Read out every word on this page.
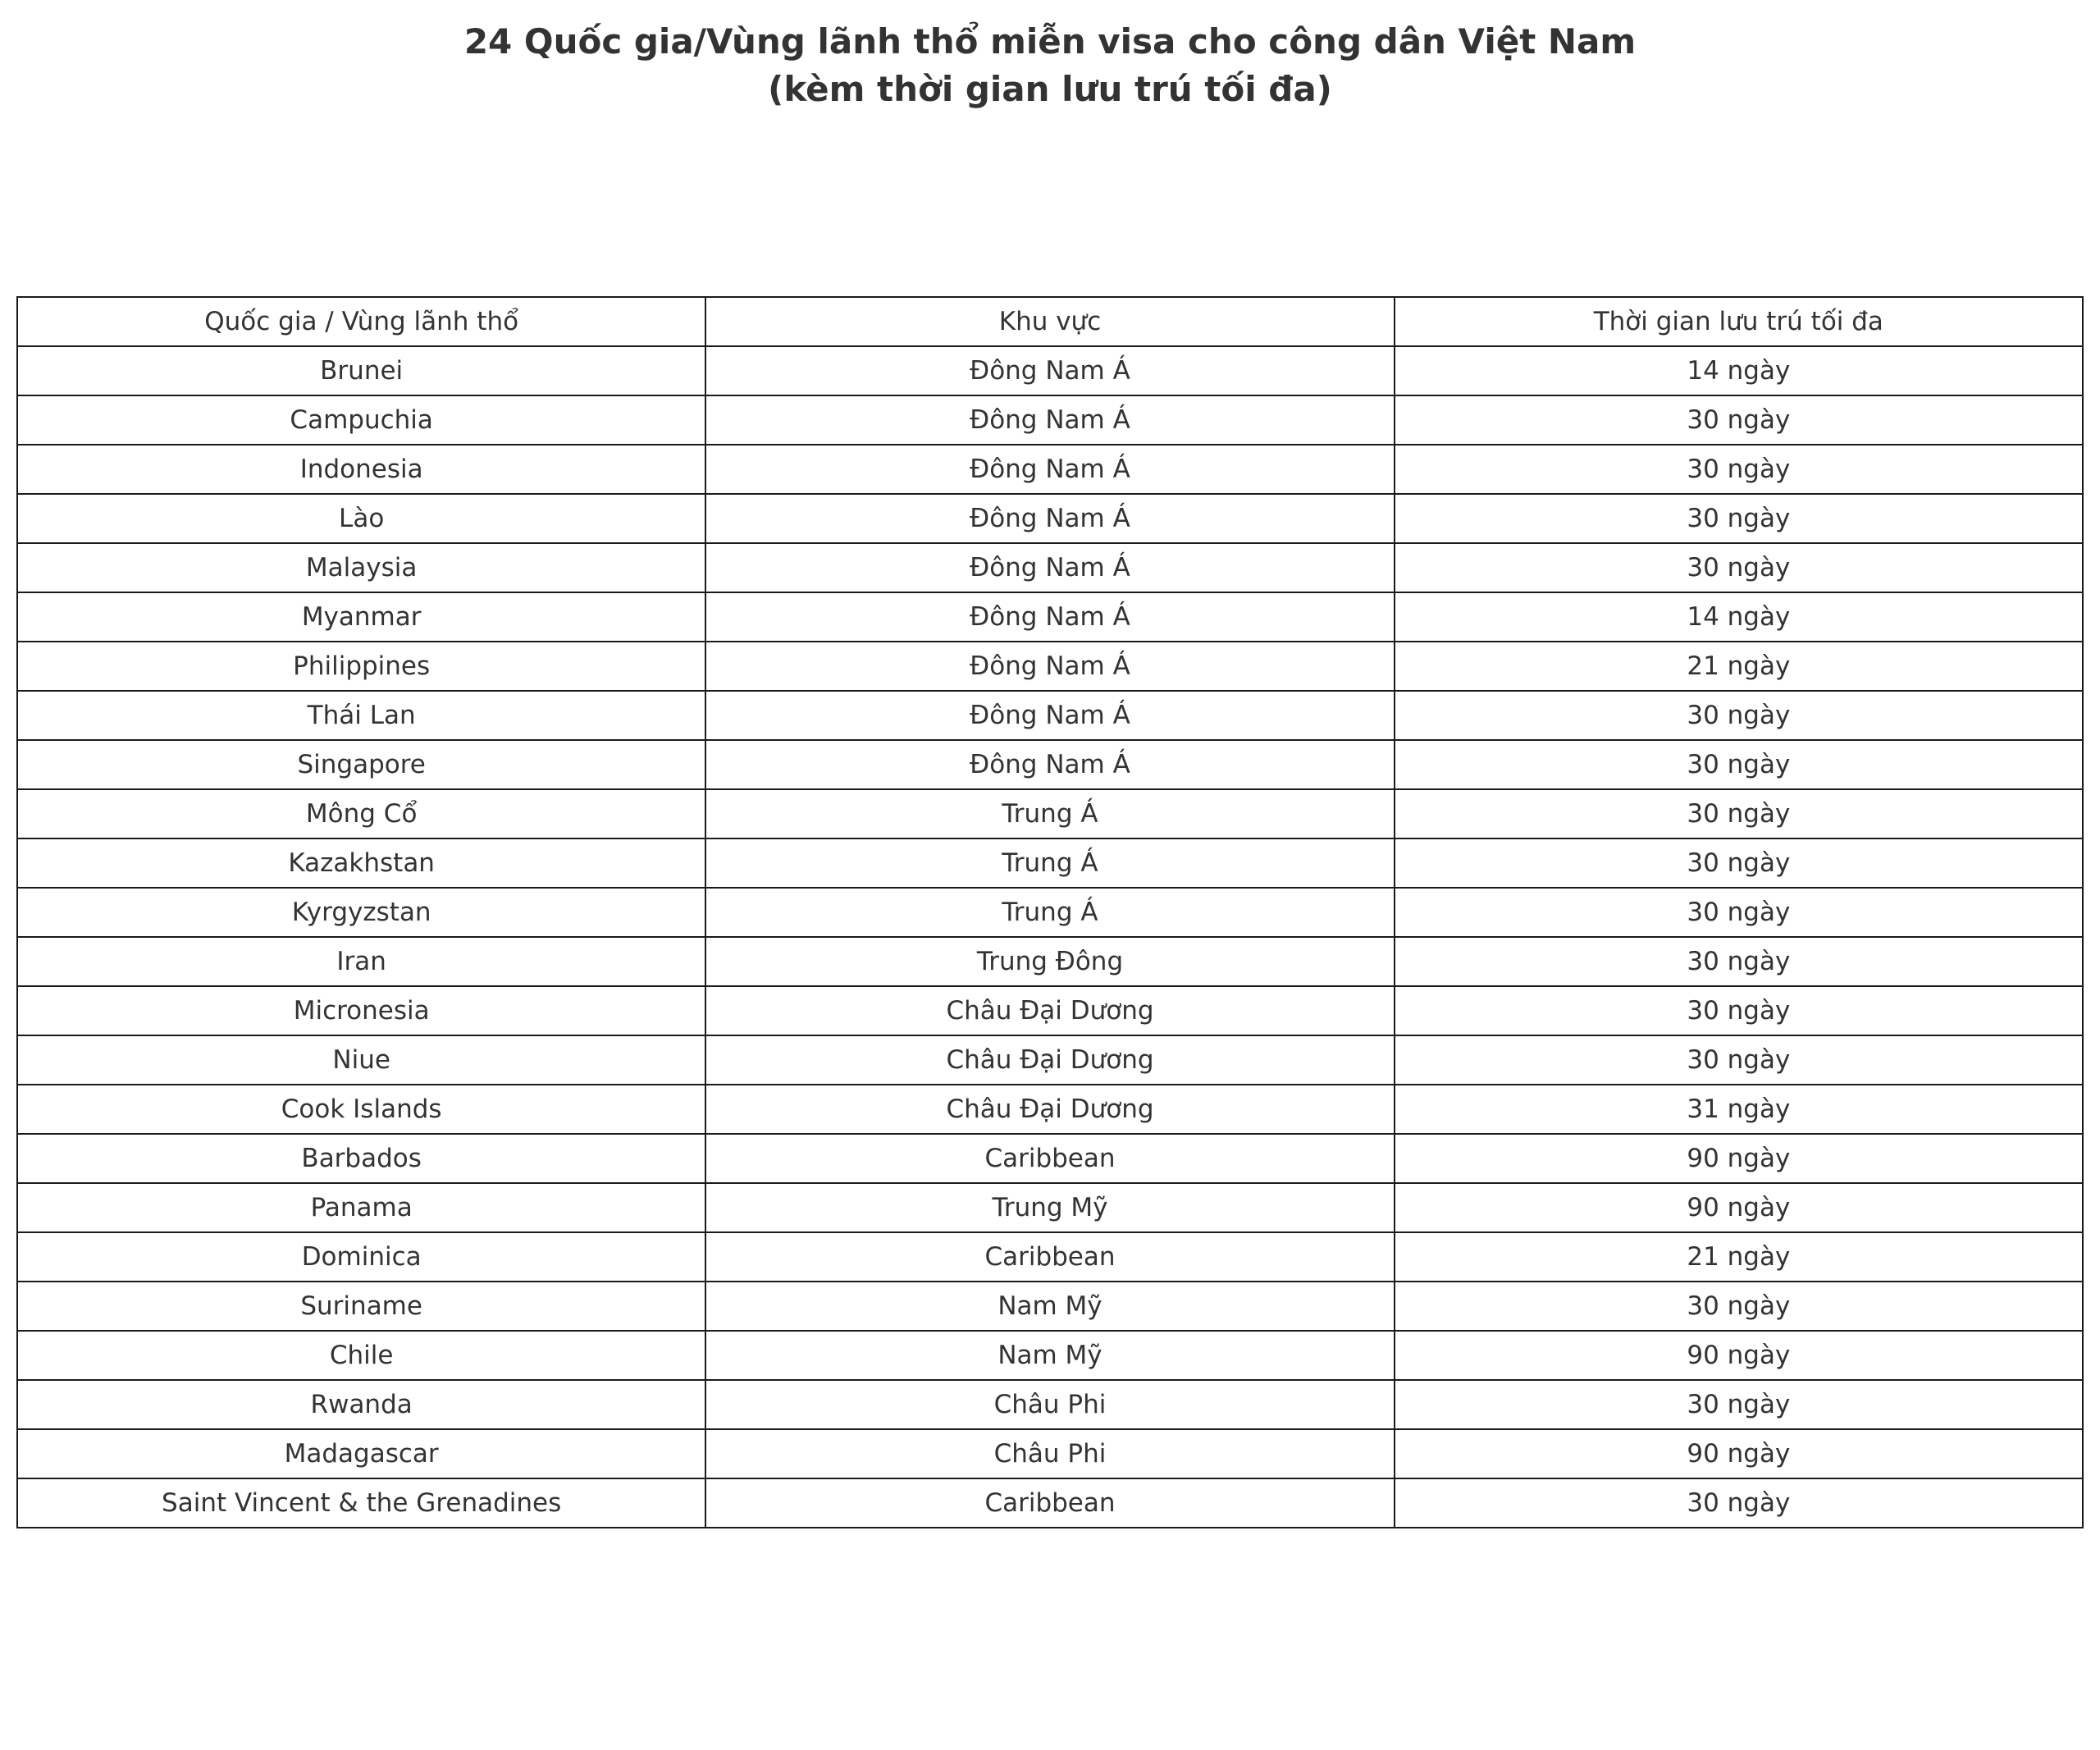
24 Quốc gia/Vùng lãnh thổ miễn visa cho công dân Việt Nam
(kèm thời gian lưu trú tối đa)
Quốc gia / Vùng lãnh thổ	Khu vực	Thời gian lưu trú tối đa
Brunei	Đông Nam Á	14 ngày
Campuchia	Đông Nam Á	30 ngày
Indonesia	Đông Nam Á	30 ngày
Lào	Đông Nam Á	30 ngày
Malaysia	Đông Nam Á	30 ngày
Myanmar	Đông Nam Á	14 ngày
Philippines	Đông Nam Á	21 ngày
Thái Lan	Đông Nam Á	30 ngày
Singapore	Đông Nam Á	30 ngày
Mông Cổ	Trung Á	30 ngày
Kazakhstan	Trung Á	30 ngày
Kyrgyzstan	Trung Á	30 ngày
Iran	Trung Đông	30 ngày
Micronesia	Châu Đại Dương	30 ngày
Niue	Châu Đại Dương	30 ngày
Cook Islands	Châu Đại Dương	31 ngày
Barbados	Caribbean	90 ngày
Panama	Trung Mỹ	90 ngày
Dominica	Caribbean	21 ngày
Suriname	Nam Mỹ	30 ngày
Chile	Nam Mỹ	90 ngày
Rwanda	Châu Phi	30 ngày
Madagascar	Châu Phi	90 ngày
Saint Vincent & the Grenadines	Caribbean	30 ngày
